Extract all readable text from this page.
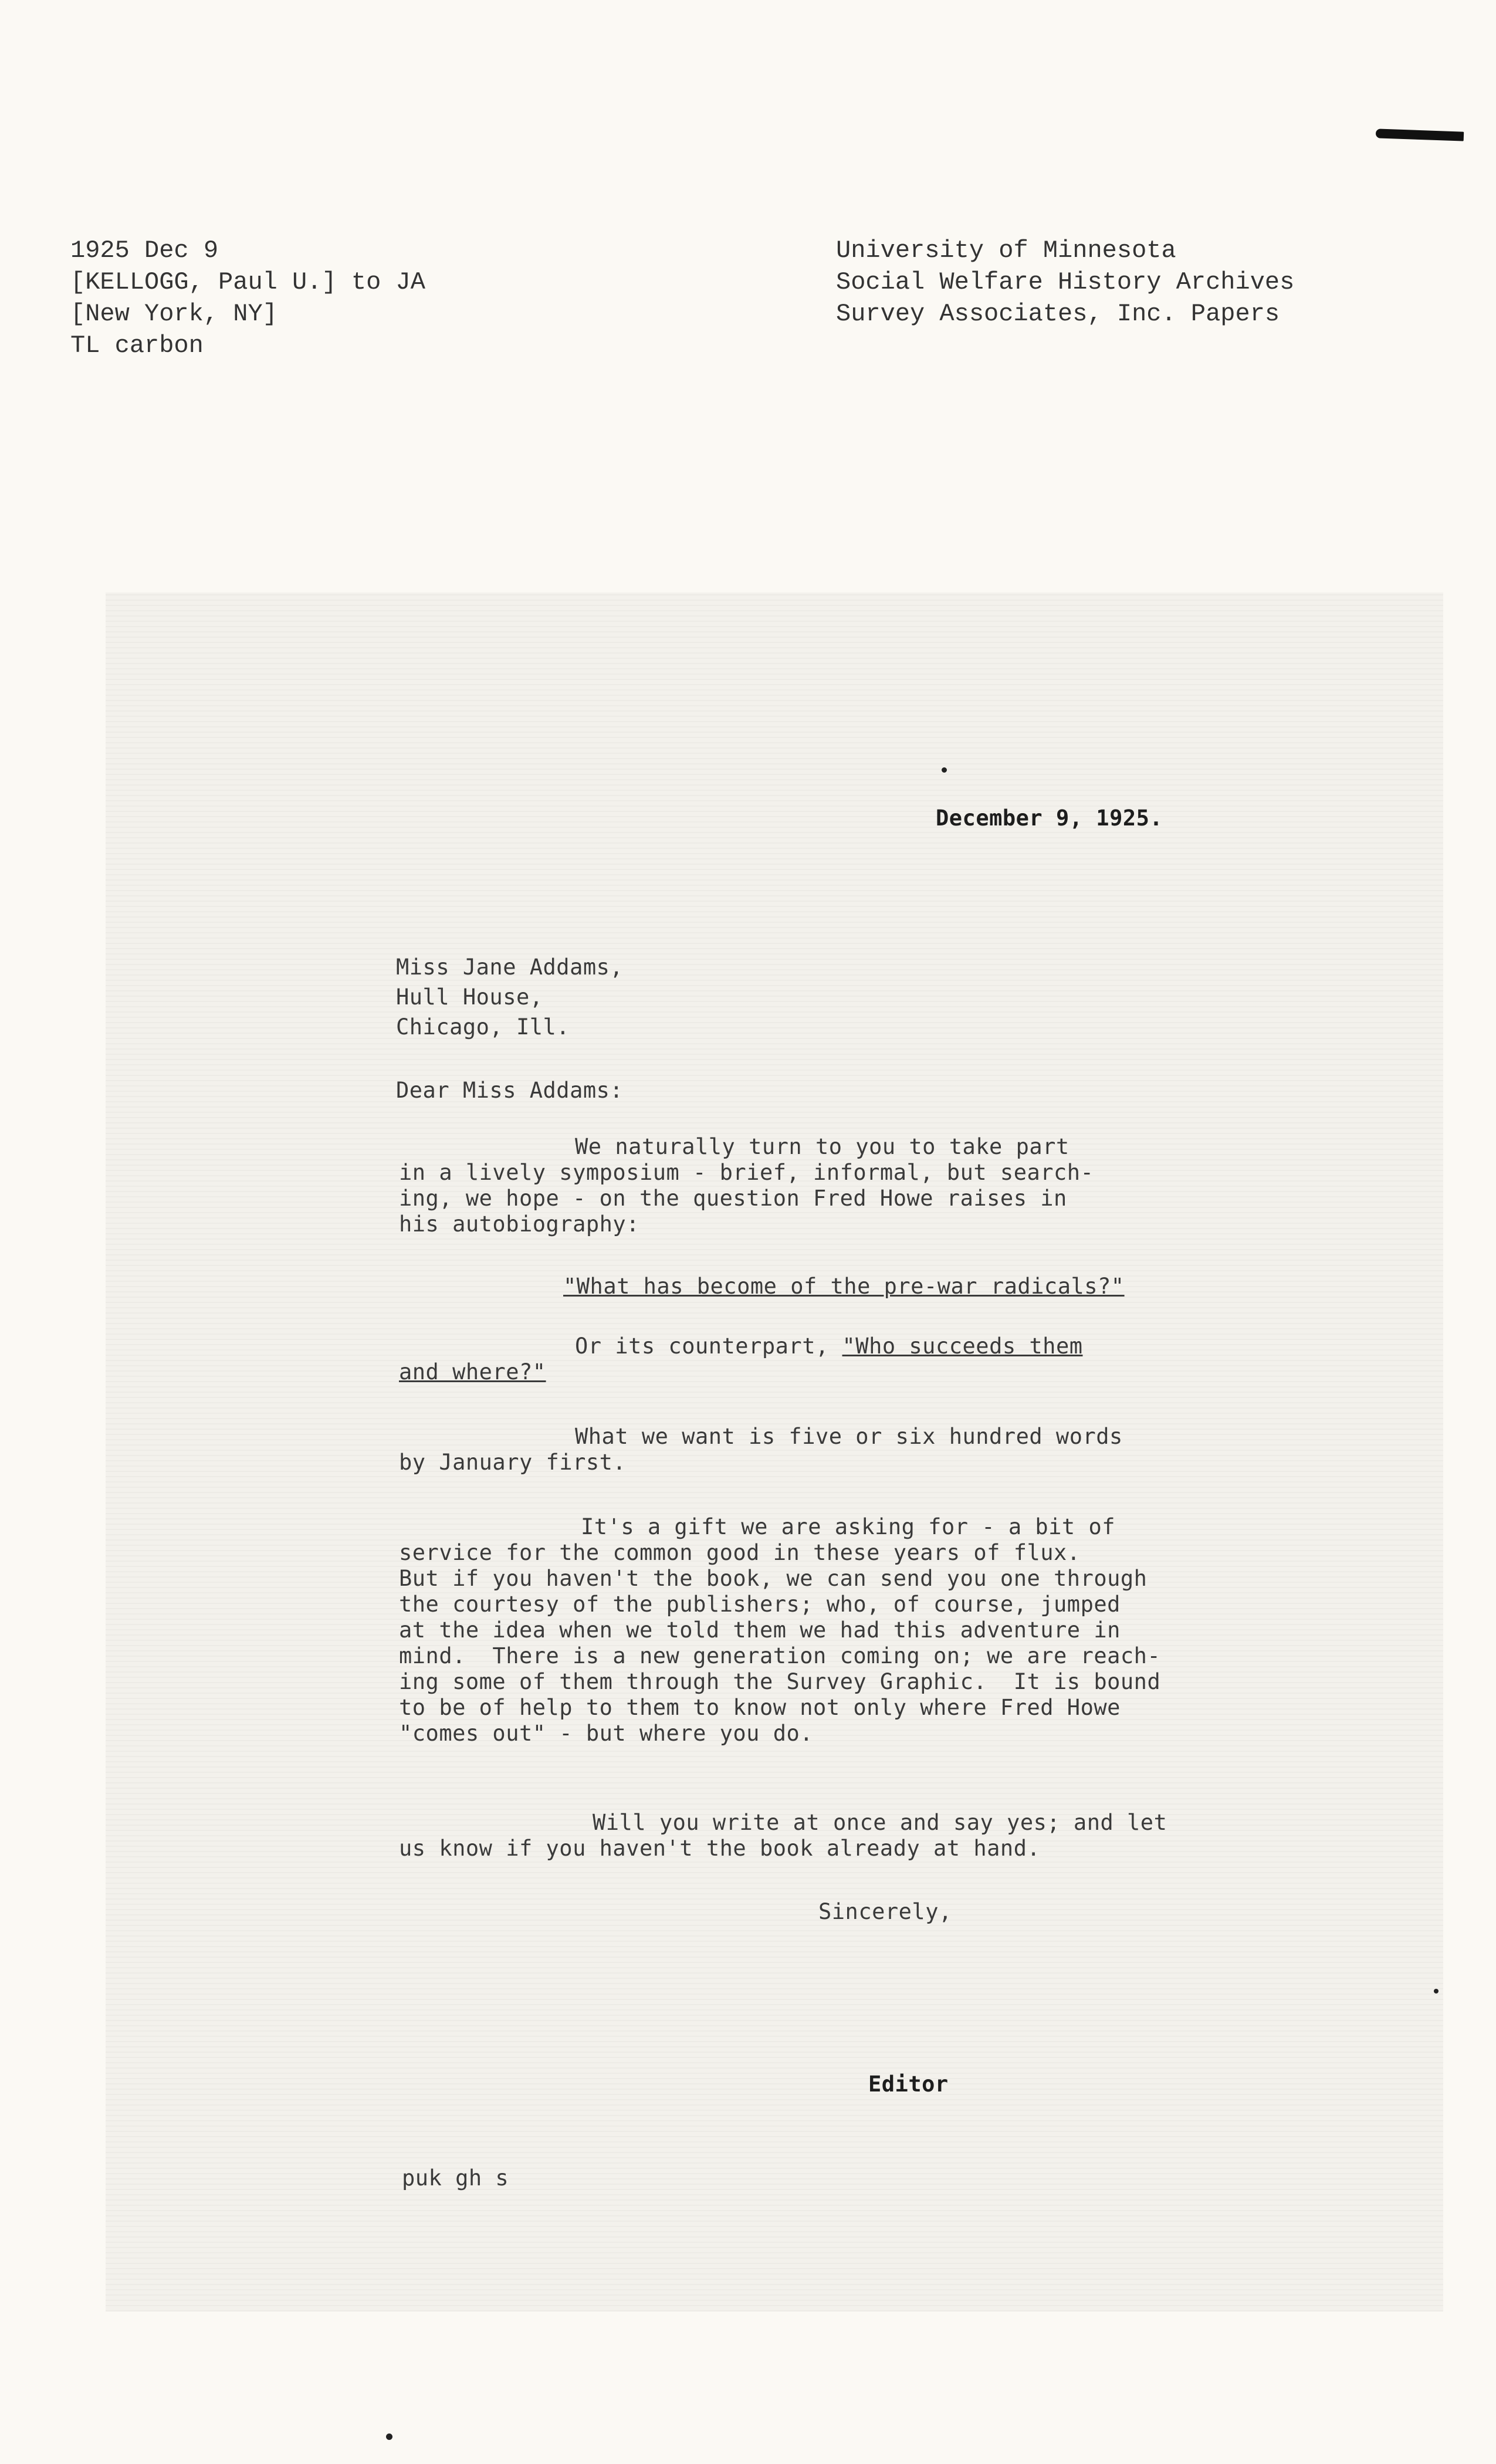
1925 Dec 9
[KELLOGG, Paul U.] to JA
[New York, NY]
TL carbon
University of Minnesota
Social Welfare History Archives
Survey Associates, Inc. Papers
December 9, 1925.
Miss Jane Addams,
Hull House,
Chicago, Ill.
Dear Miss Addams:
We naturally turn to you to take part
in a lively symposium - brief, informal, but search-
ing, we hope - on the question Fred Howe raises in
his autobiography:
"What has become of the pre-war radicals?"
Or its counterpart, "Who succeeds them
and where?"
What we want is five or six hundred words
by January first.
It's a gift we are asking for - a bit of
service for the common good in these years of flux.
But if you haven't the book, we can send you one through
the courtesy of the publishers; who, of course, jumped
at the idea when we told them we had this adventure in
mind.  There is a new generation coming on; we are reach-
ing some of them through the Survey Graphic.  It is bound
to be of help to them to know not only where Fred Howe
"comes out" - but where you do.
Will you write at once and say yes; and let
us know if you haven't the book already at hand.
Sincerely,
Editor
puk gh s
